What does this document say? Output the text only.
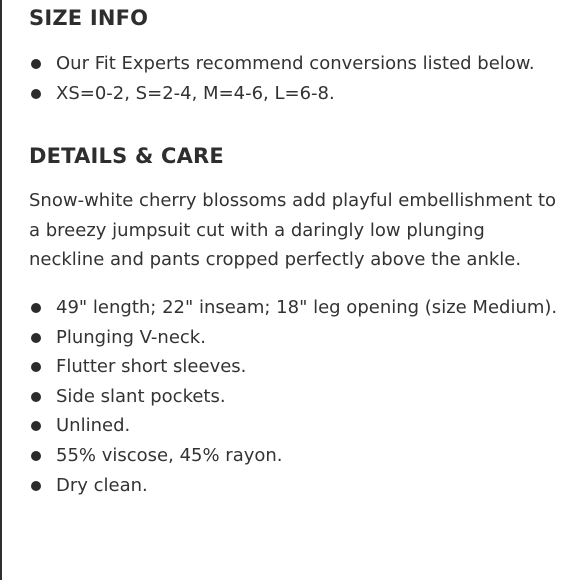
SIZE INFO
Our Fit Experts recommend conversions listed below.
XS=0-2, S=2-4, M=4-6, L=6-8.
DETAILS & CARE

Snow-white cherry blossoms add playful embellishment to a breezy jumpsuit cut with a daringly low plunging neckline and pants cropped perfectly above the ankle.

49" length; 22" inseam; 18" leg opening (size Medium).
Plunging V-neck.
Flutter short sleeves.
Side slant pockets.
Unlined.
55% viscose, 45% rayon.
Dry clean.
